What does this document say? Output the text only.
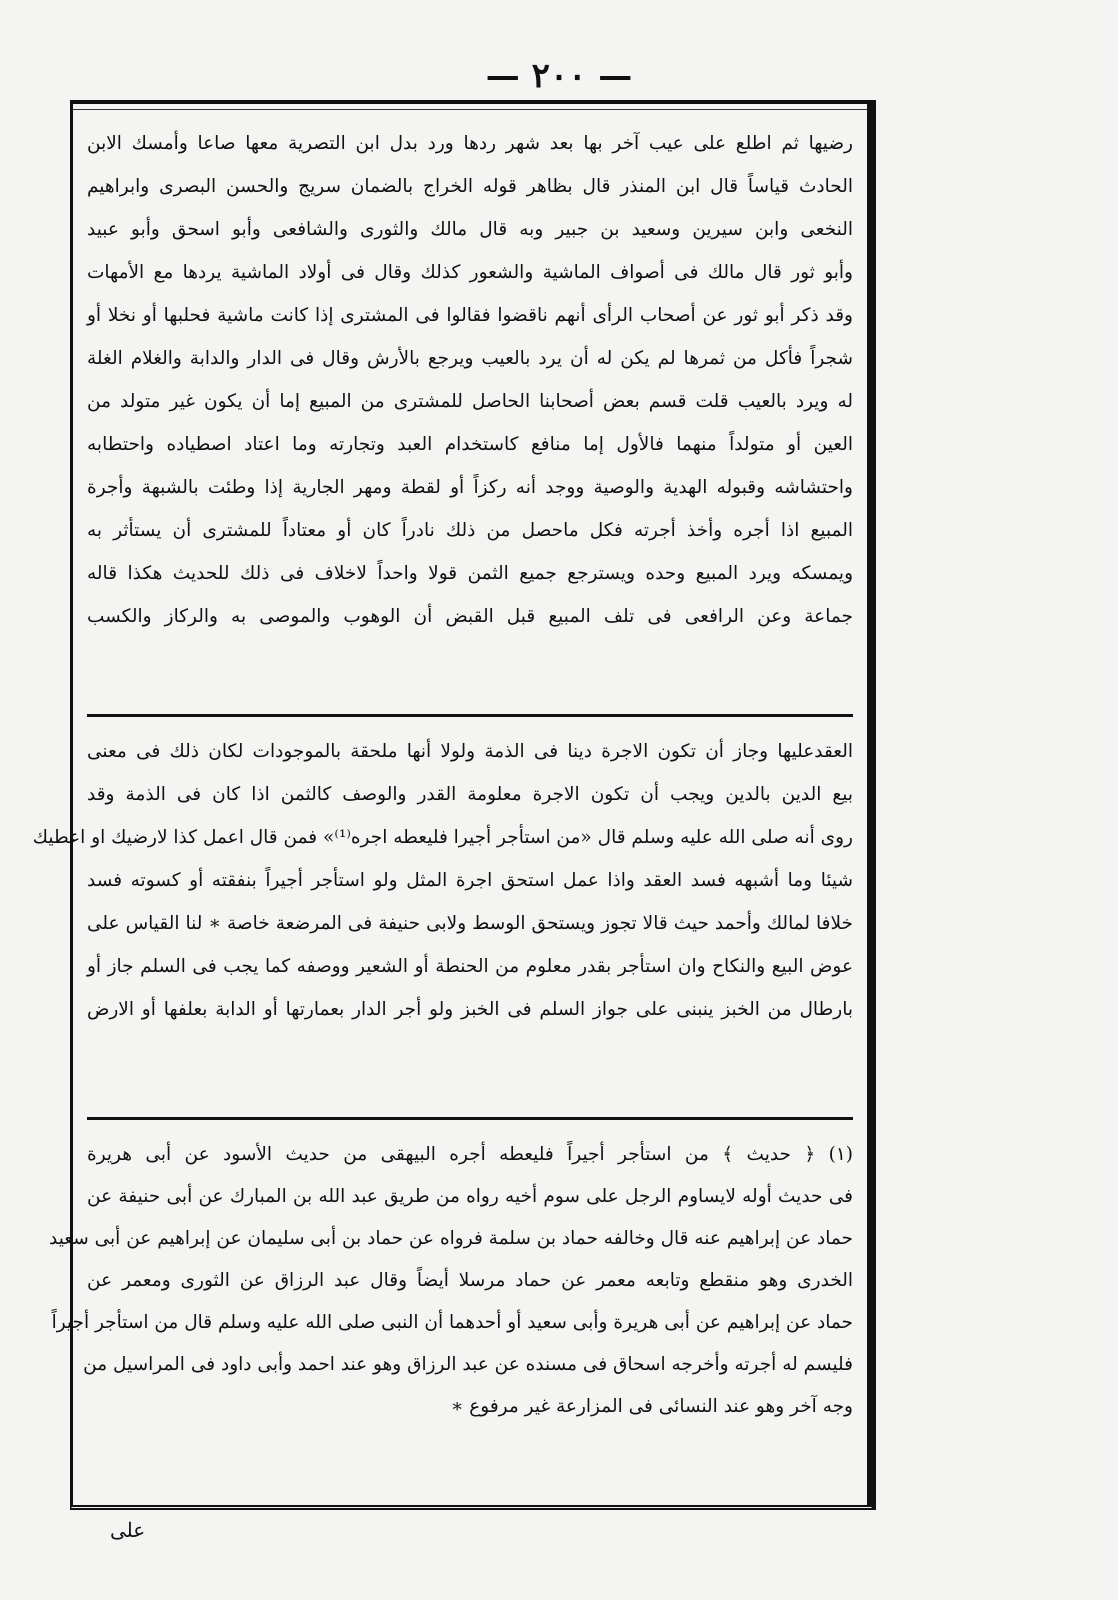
— ٢٠٠ —
رضيها ثم اطلع على عيب آخر بها بعد شهر ردها ورد بدل ابن التصرية معها صاعا وأمسك الابن
الحادث قياساً قال ابن المنذر قال بظاهر قوله الخراج بالضمان سريج والحسن البصرى وابراهيم
النخعى وابن سيرين وسعيد بن جبير وبه قال مالك والثورى والشافعى وأبو اسحق وأبو عبيد
وأبو ثور قال مالك فى أصواف الماشية والشعور كذلك وقال فى أولاد الماشية يردها مع الأمهات
وقد ذكر أبو ثور عن أصحاب الرأى أنهم ناقضوا فقالوا فى المشترى إذا كانت ماشية فحلبها أو نخلا أو
شجراً فأكل من ثمرها لم يكن له أن يرد بالعيب ويرجع بالأرش وقال فى الدار والدابة والغلام الغلة
له ويرد بالعيب قلت قسم بعض أصحابنا الحاصل للمشترى من المبيع إما أن يكون غير متولد من
العين أو متولداً منهما فالأول إما منافع كاستخدام العبد وتجارته وما اعتاد اصطياده واحتطابه
واحتشاشه وقبوله الهدية والوصية ووجد أنه ركزاً أو لقطة ومهر الجارية إذا وطئت بالشبهة وأجرة
المبيع اذا أجره وأخذ أجرته فكل ماحصل من ذلك نادراً كان أو معتاداً للمشترى أن يستأثر به
ويمسكه ويرد المبيع وحده ويسترجع جميع الثمن قولا واحداً لاخلاف فى ذلك للحديث هكذا قاله
جماعة وعن الرافعى فى تلف المبيع قبل القبض أن الوهوب والموصى به والركاز والكسب
العقدعليها وجاز أن تكون الاجرة دينا فى الذمة ولولا أنها ملحقة بالموجودات لكان ذلك فى معنى
بيع الدين بالدين ويجب أن تكون الاجرة معلومة القدر والوصف كالثمن اذا كان فى الذمة وقد
روى أنه صلى الله عليه وسلم قال «من استأجر أجيرا فليعطه اجره⁽¹⁾» فمن قال اعمل كذا لارضيك او اعطيك
شيئا وما أشبهه فسد العقد واذا عمل استحق اجرة المثل ولو استأجر أجيراً بنفقته أو كسوته فسد
خلافا لمالك وأحمد حيث قالا تجوز ويستحق الوسط ولابى حنيفة فى المرضعة خاصة ∗ لنا القياس على
عوض البيع والنكاح وان استأجر بقدر معلوم من الحنطة أو الشعير ووصفه كما يجب فى السلم جاز أو
بارطال من الخبز ينبنى على جواز السلم فى الخبز ولو أجر الدار بعمارتها أو الدابة بعلفها أو الارض
(١) ﴿ حديث ﴾ من استأجر أجيراً فليعطه أجره البيهقى من حديث الأسود عن أبى هريرة
فى حديث أوله لايساوم الرجل على سوم أخيه رواه من طريق عبد الله بن المبارك عن أبى حنيفة عن
حماد عن إبراهيم عنه قال وخالفه حماد بن سلمة فرواه عن حماد بن أبى سليمان عن إبراهيم عن أبى سعيد
الخدرى وهو منقطع وتابعه معمر عن حماد مرسلا أيضاً وقال عبد الرزاق عن الثورى ومعمر عن
حماد عن إبراهيم عن أبى هريرة وأبى سعيد أو أحدهما أن النبى صلى الله عليه وسلم قال من استأجر أجيراً
فليسم له أجرته وأخرجه اسحاق فى مسنده عن عبد الرزاق وهو عند احمد وأبى داود فى المراسيل من
وجه آخر وهو عند النسائى فى المزارعة غير مرفوع ∗
على
